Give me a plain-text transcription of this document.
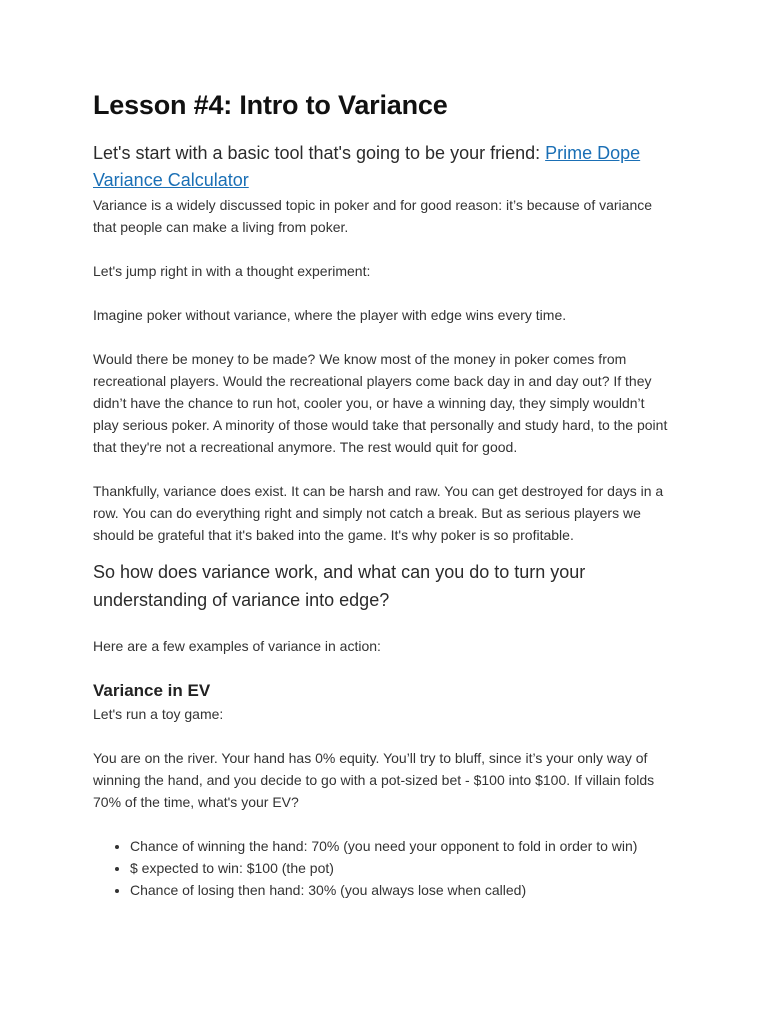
Lesson #4: Intro to Variance
Let's start with a basic tool that's going to be your friend: Prime Dope Variance Calculator

Variance is a widely discussed topic in poker and for good reason: it’s because of variance that people can make a living from poker.

Let's jump right in with a thought experiment:

Imagine poker without variance, where the player with edge wins every time.

Would there be money to be made? We know most of the money in poker comes from recreational players. Would the recreational players come back day in and day out? If they didn’t have the chance to run hot, cooler you, or have a winning day, they simply wouldn’t play serious poker. A minority of those would take that personally and study hard, to the point that they're not a recreational anymore. The rest would quit for good.

Thankfully, variance does exist. It can be harsh and raw. You can get destroyed for days in a row. You can do everything right and simply not catch a break. But as serious players we should be grateful that it's baked into the game. It's why poker is so profitable.

So how does variance work, and what can you do to turn your understanding of variance into edge?

Here are a few examples of variance in action:

Variance in EV

Let's run a toy game:

You are on the river. Your hand has 0% equity. You’ll try to bluff, since it’s your only way of winning the hand, and you decide to go with a pot-sized bet - $100 into $100. If villain folds 70% of the time, what's your EV?

• Chance of winning the hand: 70% (you need your opponent to fold in order to win)
• $ expected to win: $100 (the pot)
• Chance of losing then hand: 30% (you always lose when called)
